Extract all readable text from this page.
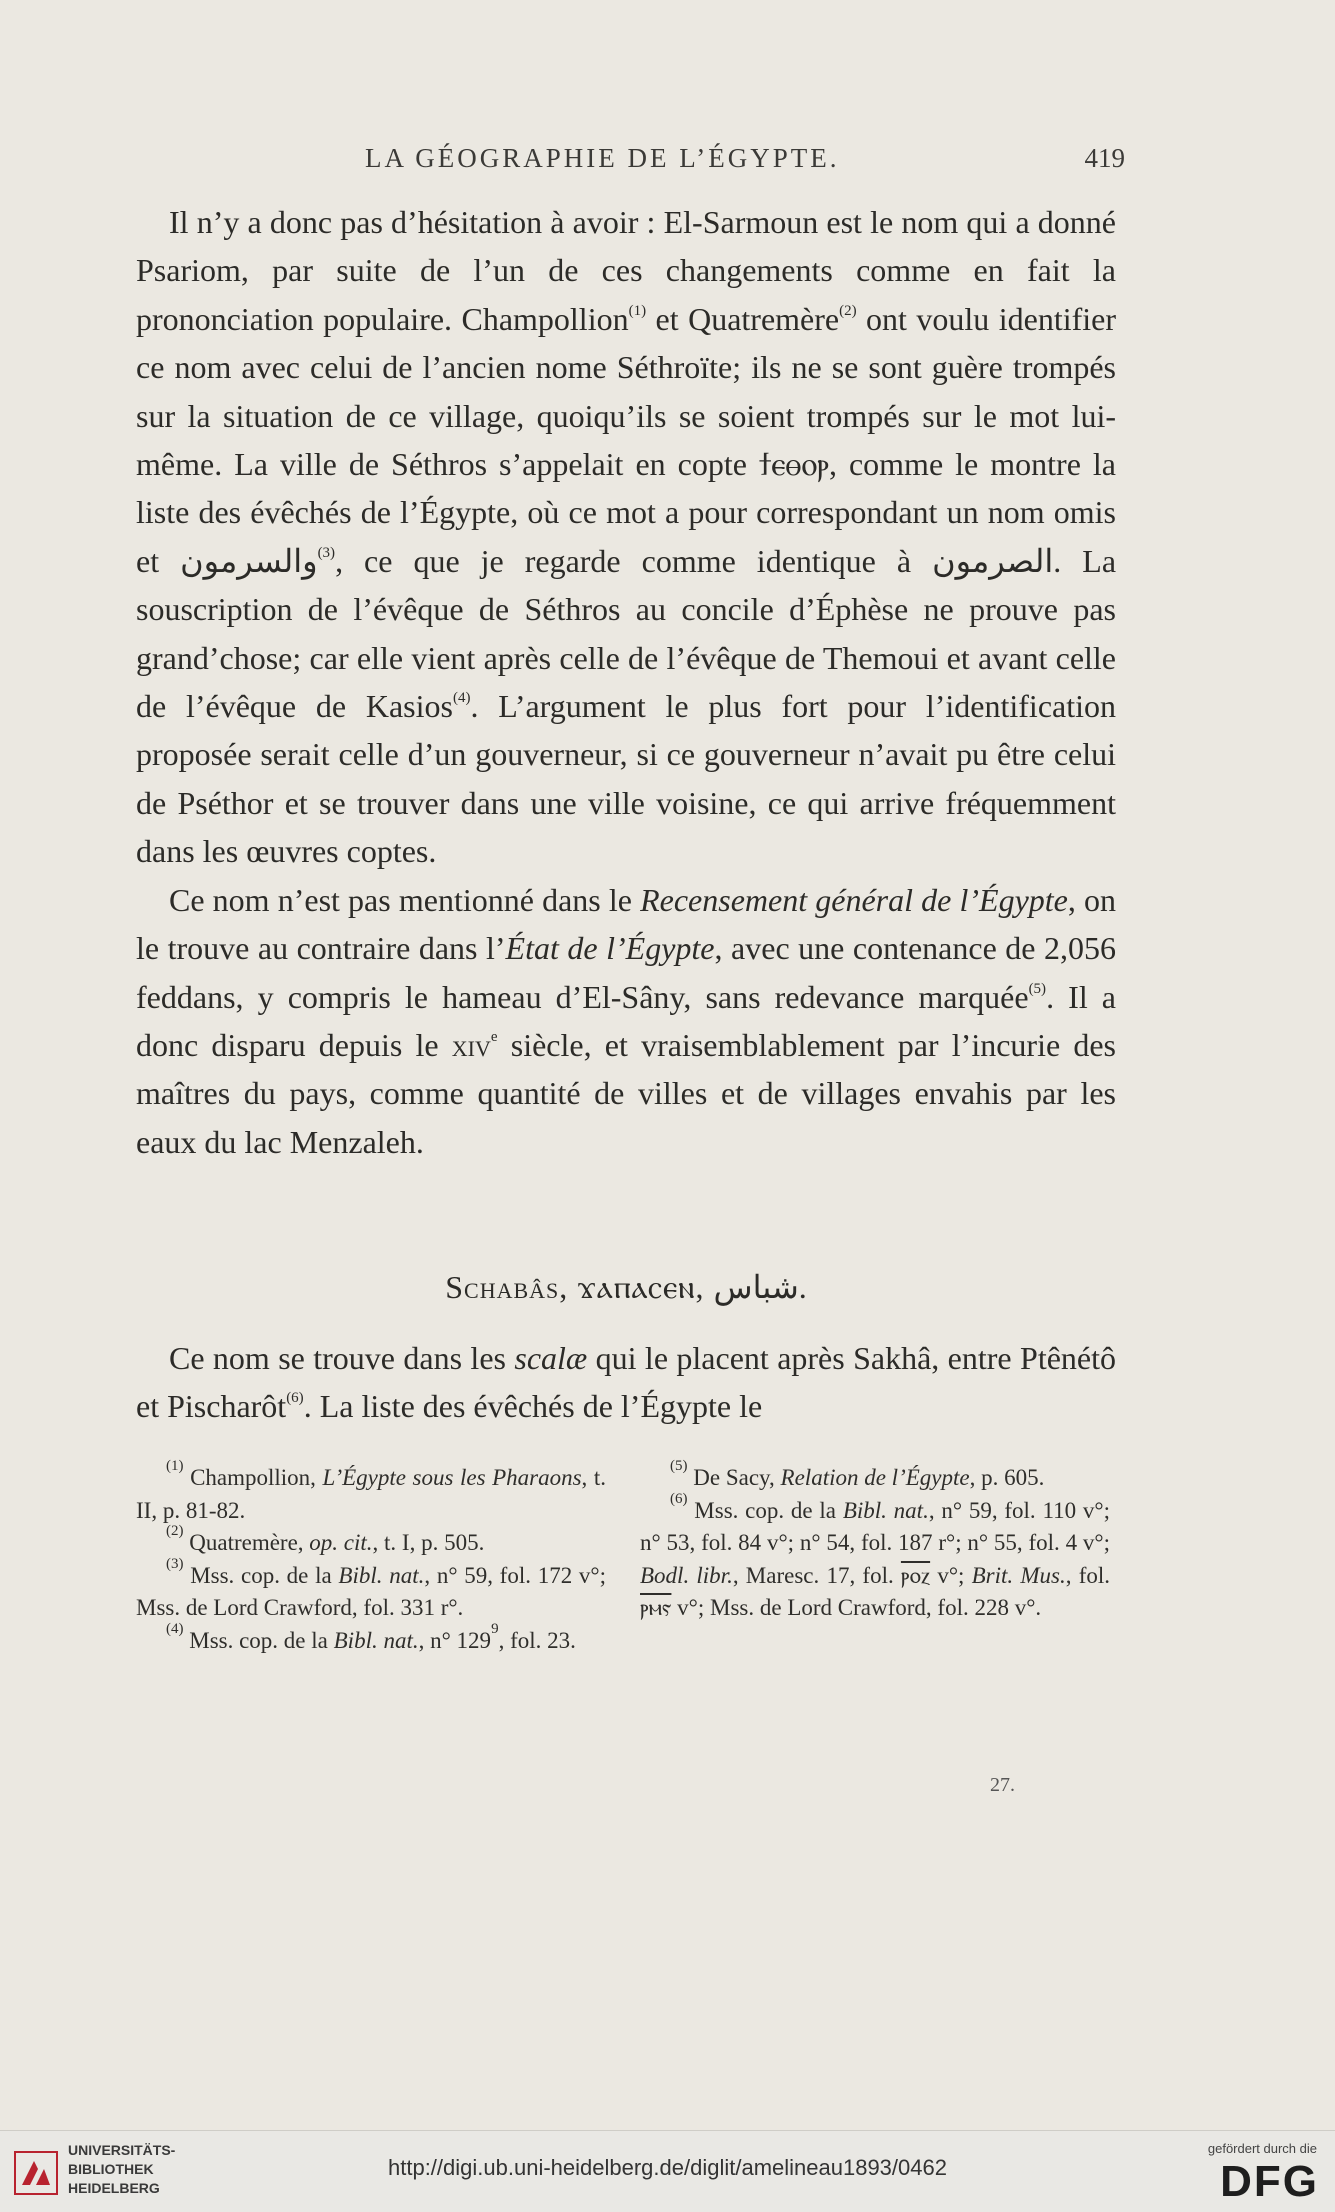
LA GÉOGRAPHIE DE L’ÉGYPTE.	419

Il n’y a donc pas d’hésitation à avoir : El-Sarmoun est le nom qui a donné Psariom, par suite de l’un de ces changements comme en fait la prononciation populaire. Champollion$^{(1)}$ et Quatremère$^{(2)}$ ont voulu identifier ce nom avec celui de l’ancien nome Séthroïte; ils ne se sont guère trompés sur la situation de ce village, quoiqu’ils se soient trompés sur le mot lui-même. La ville de Séthros s’appelait en copte ϯⲉⲑⲟⲣ, comme le montre la liste des évêchés de l’Égypte, où ce mot a pour correspondant un nom omis et والسرمون$^{(3)}$, ce que je regarde comme identique à الصرمون. La souscription de l’évêque de Séthros au concile d’Éphèse ne prouve pas grand’chose; car elle vient après celle de l’évêque de Themoui et avant celle de l’évêque de Kasios$^{(4)}$. L’argument le plus fort pour l’identification proposée serait celle d’un gouverneur, si ce gouverneur n’avait pu être celui de Pséthor et se trouver dans une ville voisine, ce qui arrive fréquemment dans les œuvres coptes.

Ce nom n’est pas mentionné dans le Recensement général de l’Égypte, on le trouve au contraire dans l’État de l’Égypte, avec une contenance de 2,056 feddans, y compris le hameau d’El-Sâny, sans redevance marquée$^{(5)}$. Il a donc disparu depuis le xiv$^e$ siècle, et vraisemblablement par l’incurie des maîtres du pays, comme quantité de villes et de villages envahis par les eaux du lac Menzaleh.

Schabâs, ϫⲁⲡⲁⲥⲉⲛ, شباس.

Ce nom se trouve dans les scalæ qui le placent après Sakhâ, entre Ptênétô et Pischarôt$^{(6)}$. La liste des évêchés de l’Égypte le

$^{(1)}$ Champollion, L’Égypte sous les Pharaons, t. II, p. 81-82.

$^{(2)}$ Quatremère, op. cit., t. I, p. 505.

$^{(3)}$ Mss. cop. de la Bibl. nat., n° 59, fol. 172 v°; Mss. de Lord Crawford, fol. 331 r°.

$^{(4)}$ Mss. cop. de la Bibl. nat., n° $129^9$, fol. 23.

$^{(5)}$ De Sacy, Relation de l’Égypte, p. 605.

$^{(6)}$ Mss. cop. de la Bibl. nat., n° 59, fol. 110 v°; n° 53, fol. 84 v°; n° 54, fol. 187 r°; n° 55, fol. 4 v°; Bodl. libr., Maresc. 17, fol. ⲣⲟⲍ v°; Brit. Mus., fol. ⲣⲙⲋ v°; Mss. de Lord Crawford, fol. 228 v°.

27.
UNIVERSITÄTS-
BIBLIOTHEK
HEIDELBERG
http://digi.ub.uni-heidelberg.de/diglit/amelineau1893/0462
gefördert durch die
DFG
